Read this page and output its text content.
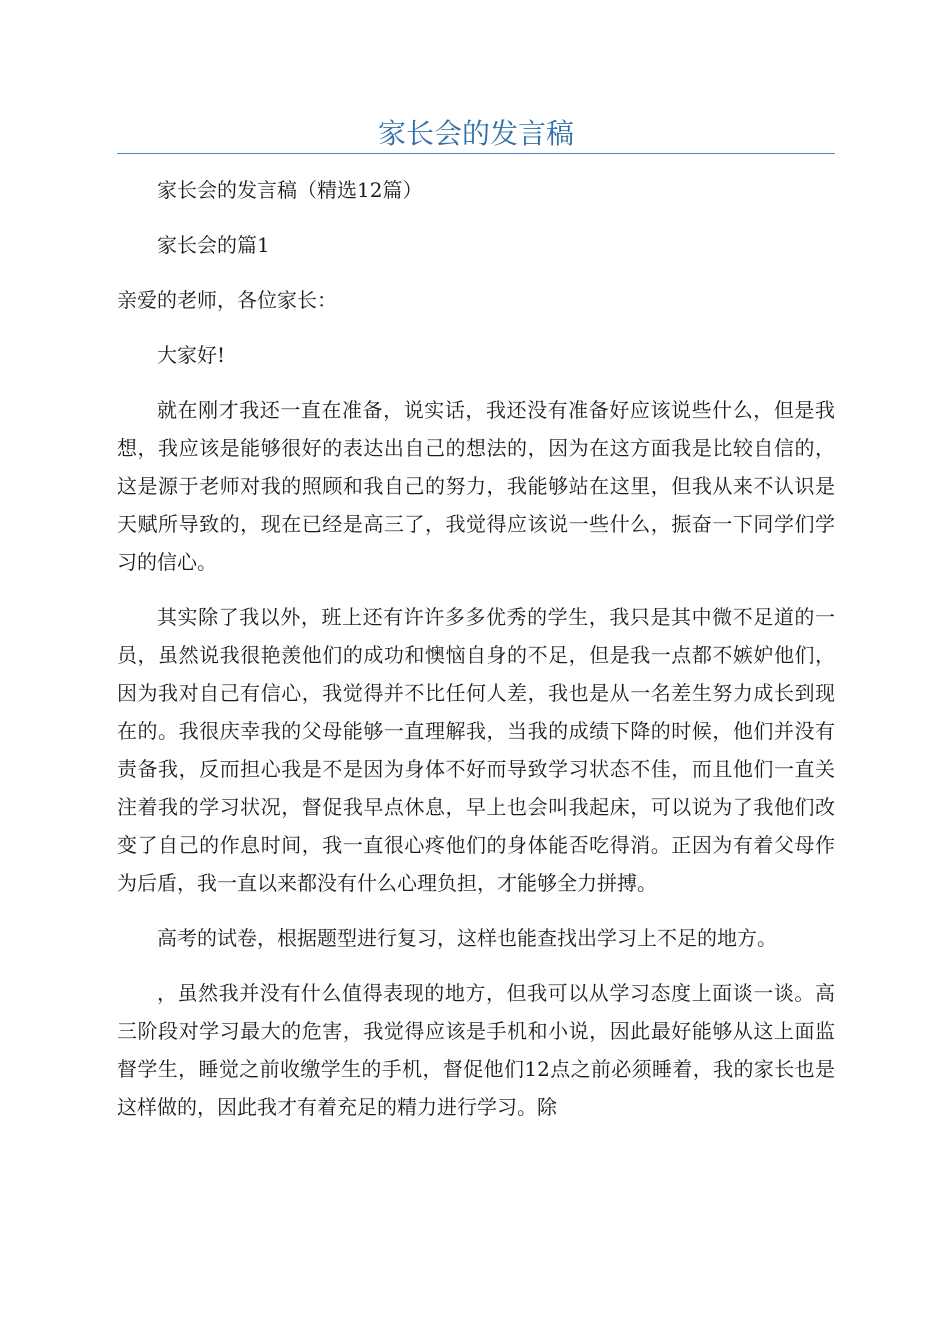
家长会的发言稿

家长会的发言稿（精选12篇）

家长会的篇1

亲爱的老师，各位家长：

大家好!

就在刚才我还一直在准备，说实话，我还没有准备好应该说些什么，但是我想，我应该是能够很好的表达出自己的想法的，因为在这方面我是比较自信的，这是源于老师对我的照顾和我自己的努力，我能够站在这里，但我从来不认识是天赋所导致的，现在已经是高三了，我觉得应该说一些什么，振奋一下同学们学习的信心。

其实除了我以外，班上还有许许多多优秀的学生，我只是其中微不足道的一员，虽然说我很艳羡他们的成功和懊恼自身的不足，但是我一点都不嫉妒他们，因为我对自己有信心，我觉得并不比任何人差，我也是从一名差生努力成长到现在的。我很庆幸我的父母能够一直理解我，当我的成绩下降的时候，他们并没有责备我，反而担心我是不是因为身体不好而导致学习状态不佳，而且他们一直关注着我的学习状况，督促我早点休息，早上也会叫我起床，可以说为了我他们改变了自己的作息时间，我一直很心疼他们的身体能否吃得消。正因为有着父母作为后盾，我一直以来都没有什么心理负担，才能够全力拼搏。

高考的试卷，根据题型进行复习，这样也能查找出学习上不足的地方。

，虽然我并没有什么值得表现的地方，但我可以从学习态度上面谈一谈。高三阶段对学习最大的危害，我觉得应该是手机和小说，因此最好能够从这上面监督学生，睡觉之前收缴学生的手机，督促他们12点之前必须睡着，我的家长也是这样做的，因此我才有着充足的精力进行学习。除
